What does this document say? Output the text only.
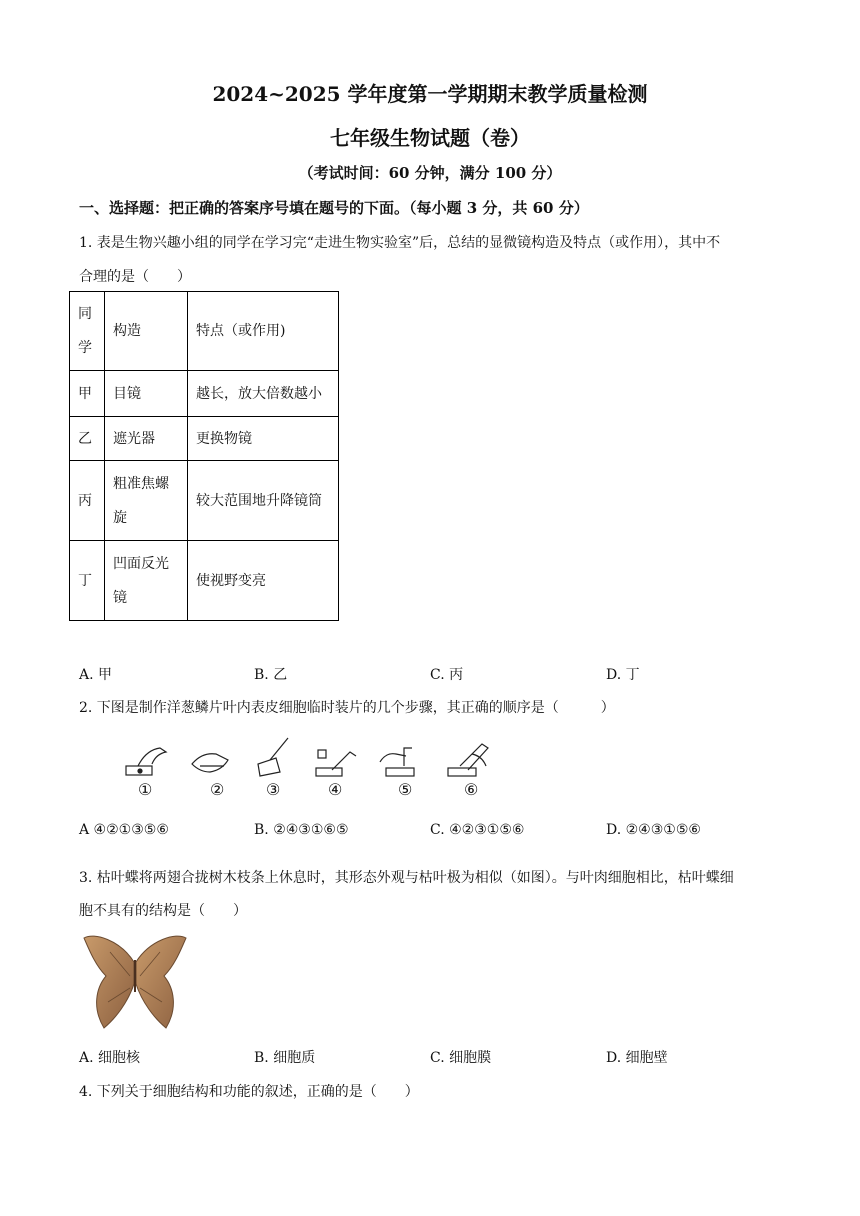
2024~2025 学年度第一学期期末教学质量检测
七年级生物试题（卷）
（考试时间：60 分钟，满分 100 分）
一、选择题：把正确的答案序号填在题号的下面。（每小题 3 分，共 60 分）
1. 表是生物兴趣小组的同学在学习完“走进生物实验室”后，总结的显微镜构造及特点（或作用），其中不
合理的是（　　）
同学	构造	特点（或作用)
甲	目镜	越长，放大倍数越小
乙	遮光器	更换物镜
丙	粗准焦螺旋	较大范围地升降镜筒
丁	凹面反光镜	使视野变亮
A. 甲	B. 乙	C. 丙	D. 丁
2. 下图是制作洋葱鳞片叶内表皮细胞临时装片的几个步骤，其正确的顺序是（　　　）
①	②	③	④	⑤	⑥
A ④②①③⑤⑥	B. ②④③①⑥⑤	C. ④②③①⑤⑥	D. ②④③①⑤⑥
3. 枯叶蝶将两翅合拢树木枝条上休息时，其形态外观与枯叶极为相似（如图）。与叶肉细胞相比，枯叶蝶细
胞不具有的结构是（　　）
A. 细胞核	B. 细胞质	C. 细胞膜	D. 细胞壁
4. 下列关于细胞结构和功能的叙述，正确的是（　　）
